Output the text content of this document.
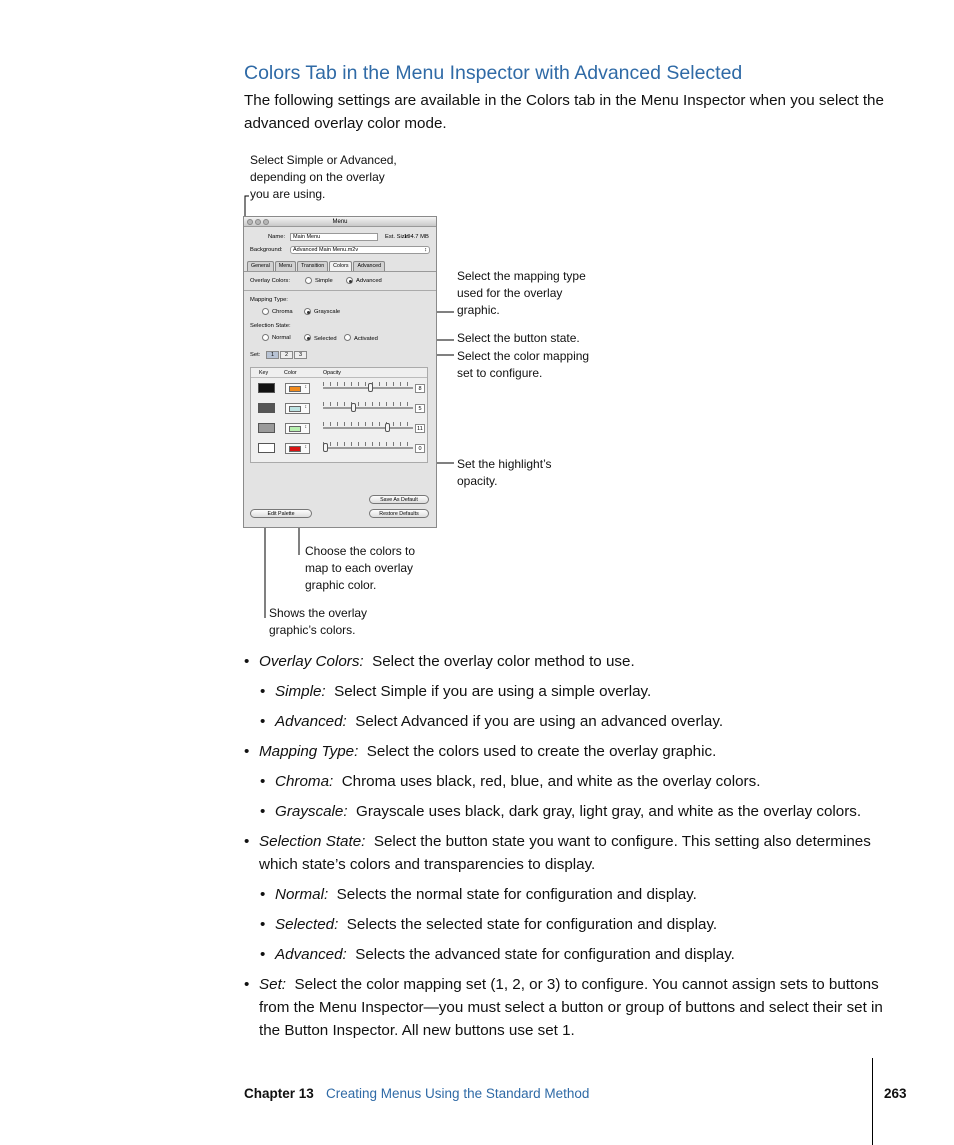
Colors Tab in the Menu Inspector with Advanced Selected
The following settings are available in the Colors tab in the Menu Inspector when you select the advanced overlay color mode.
Select Simple or Advanced, depending on the overlay you are using.
Select the mapping type used for the overlay graphic.
Select the button state.
Select the color mapping set to configure.
Set the highlight’s opacity.
Choose the colors to map to each overlay graphic color.
Shows the overlay graphic’s colors.
Menu
Name:	Main Menu	Est. Size:
194.7 MB
Background:	Advanced Main Menu.m2v	↕
General	Menu	Transition	Colors	Advanced
Overlay Colors:	Simple	Advanced
Mapping Type:
Chroma	Grayscale
Selection State:
Normal	Selected	Activated
Set:	1	2	3
Key	Color	Opacity
↕	8
↕	5
↕	11
↕	0
Save As Default
Edit Palette	Restore Defaults
• Overlay Colors: Select the overlay color method to use.
• Simple: Select Simple if you are using a simple overlay.
• Advanced: Select Advanced if you are using an advanced overlay.
• Mapping Type: Select the colors used to create the overlay graphic.
• Chroma: Chroma uses black, red, blue, and white as the overlay colors.
• Grayscale: Grayscale uses black, dark gray, light gray, and white as the overlay colors.
• Selection State: Select the button state you want to configure. This setting also determines which state’s colors and transparencies to display.
• Normal: Selects the normal state for configuration and display.
• Selected: Selects the selected state for configuration and display.
• Advanced: Selects the advanced state for configuration and display.
• Set: Select the color mapping set (1, 2, or 3) to configure. You cannot assign sets to buttons from the Menu Inspector—you must select a button or group of buttons and select their set in the Button Inspector. All new buttons use set 1.
Chapter 13 Creating Menus Using the Standard Method	263
